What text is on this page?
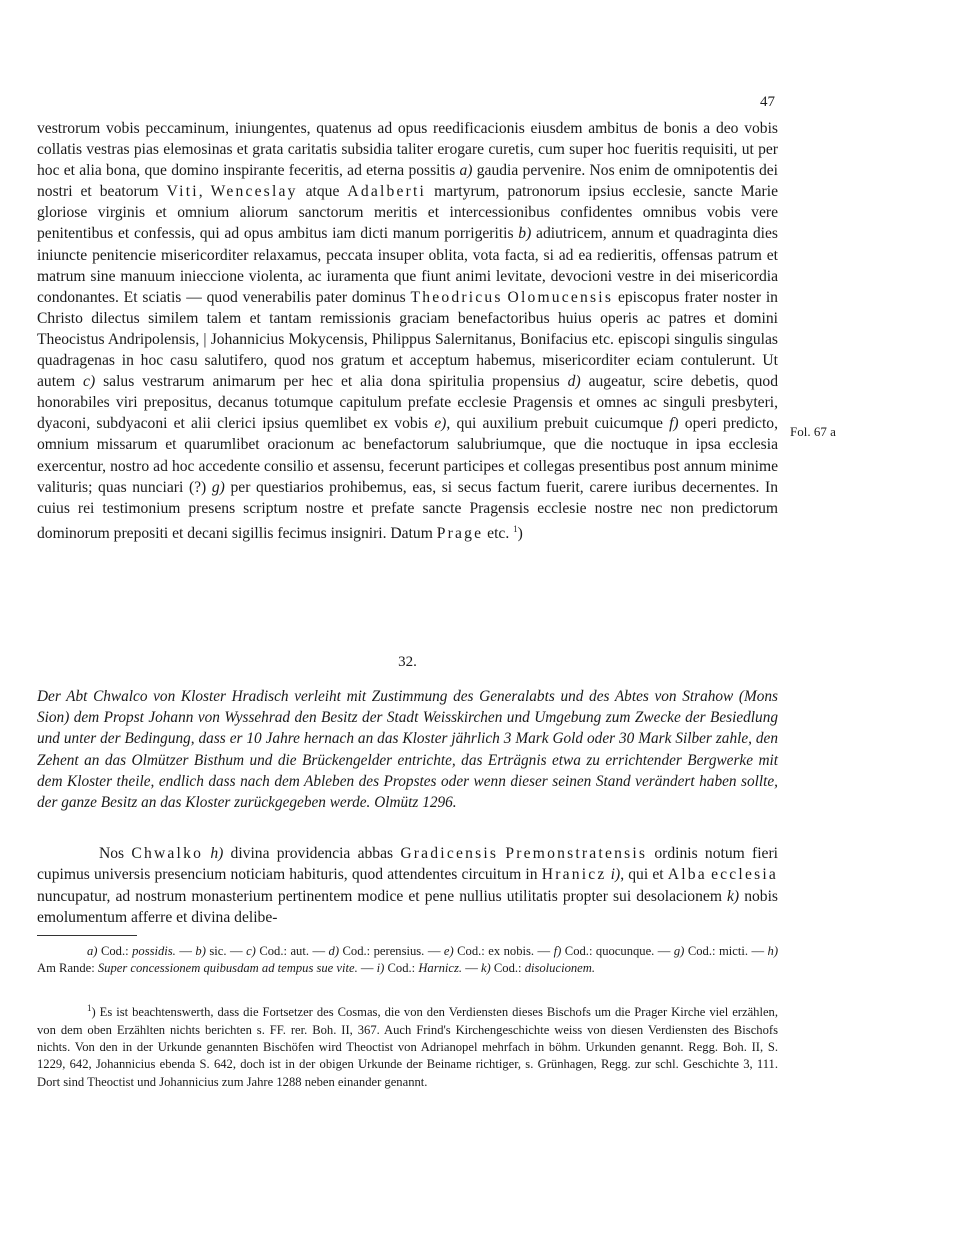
47

vestrorum vobis peccaminum, iniungentes, quatenus ad opus reedificacionis eiusdem ambitus de bonis a deo vobis collatis vestras pias elemosinas et grata caritatis subsidia taliter erogare curetis, cum super hoc fueritis requisiti, ut per hoc et alia bona, que domino inspirante feceritis, ad eterna possitis a) gaudia pervenire. Nos enim de omnipotentis dei nostri et beatorum Viti, Wenceslay atque Adalberti martyrum, patronorum ipsius ecclesie, sancte Marie gloriose virginis et omnium aliorum sanctorum meritis et intercessionibus confidentes omnibus vobis vere penitentibus et confessis, qui ad opus ambitus iam dicti manum porrigeritis b) adiutricem, annum et quadraginta dies iniuncte penitencie misericorditer relaxamus, peccata insuper oblita, vota facta, si ad ea redieritis, offensas patrum et matrum sine manuum inieccione violenta, ac iuramenta que fiunt animi levitate, devocioni vestre in dei misericordia condonantes. Et sciatis — quod venerabilis pater dominus Theodricus Olomucensis episcopus frater noster in Christo dilectus similem talem et tantam remissionis graciam benefactoribus huius operis ac patres et domini Theocistus Andripolensis, | Johannicius Mokycensis, Philippus Salernitanus, Bonifacius etc. episcopi singulis singulas quadragenas in hoc casu salutifero, quod nos gratum et acceptum habemus, misericorditer eciam contulerunt. Ut autem c) salus vestrarum animarum per hec et alia dona spiritulia propensius d) augeatur, scire debetis, quod honorabiles viri prepositus, decanus totumque capitulum prefate ecclesie Pragensis et omnes ac singuli presbyteri, dyaconi, subdyaconi et alii clerici ipsius quemlibet ex vobis e), qui auxilium prebuit cuicumque f) operi predicto, omnium missarum et quarumlibet oracionum ac benefactorum salubriumque, que die noctuque in ipsa ecclesia exercentur, nostro ad hoc accedente consilio et assensu, fecerunt participes et collegas presentibus post annum minime valituris; quas nunciari (?) g) per questiarios prohibemus, eas, si secus factum fuerit, carere iuribus decernentes. In cuius rei testimonium presens scriptum nostre et prefate sancte Pragensis ecclesie nostre nec non predictorum dominorum prepositi et decani sigillis fecimus insigniri. Datum Prage etc. $^1$)

Fol. 67 a
32.

Der Abt Chwalco von Kloster Hradisch verleiht mit Zustimmung des Generalabts und des Abtes von Strahow (Mons Sion) dem Propst Johann von Wyssehrad den Besitz der Stadt Weisskirchen und Umgebung zum Zwecke der Besiedlung und unter der Bedingung, dass er 10 Jahre hernach an das Kloster jährlich 3 Mark Gold oder 30 Mark Silber zahle, den Zehent an das Olmützer Bisthum und die Brückengelder entrichte, das Erträgnis etwa zu errichtender Bergwerke mit dem Kloster theile, endlich dass nach dem Ableben des Propstes oder wenn dieser seinen Stand verändert haben sollte, der ganze Besitz an das Kloster zurückgegeben werde. Olmütz 1296.

Nos Chwalko h) divina providencia abbas Gradicensis Premonstratensis ordinis notum fieri cupimus universis presencium noticiam habituris, quod attendentes circuitum in Hranicz i), qui et Alba ecclesia nuncupatur, ad nostrum monasterium pertinentem modice et pene nullius utilitatis propter sui desolacionem k) nobis emolumentum afferre et divina delibe-

a) Cod.: possidis. — b) sic. — c) Cod.: aut. — d) Cod.: perensius. — e) Cod.: ex nobis. — f) Cod.: quocunque. — g) Cod.: micti. — h) Am Rande: Super concessionem quibusdam ad tempus sue vite. — i) Cod.: Harnicz. — k) Cod.: disolucionem.

$^1$) Es ist beachtenswerth, dass die Fortsetzer des Cosmas, die von den Verdiensten dieses Bischofs um die Prager Kirche viel erzählen, von dem oben Erzählten nichts berichten s. FF. rer. Boh. II, 367. Auch Frind's Kirchengeschichte weiss von diesen Verdiensten des Bischofs nichts. Von den in der Urkunde genannten Bischöfen wird Theoctist von Adrianopel mehrfach in böhm. Urkunden genannt. Regg. Boh. II, S. 1229, 642, Johannicius ebenda S. 642, doch ist in der obigen Urkunde der Beiname richtiger, s. Grünhagen, Regg. zur schl. Geschichte 3, 111. Dort sind Theoctist und Johannicius zum Jahre 1288 neben einander genannt.
